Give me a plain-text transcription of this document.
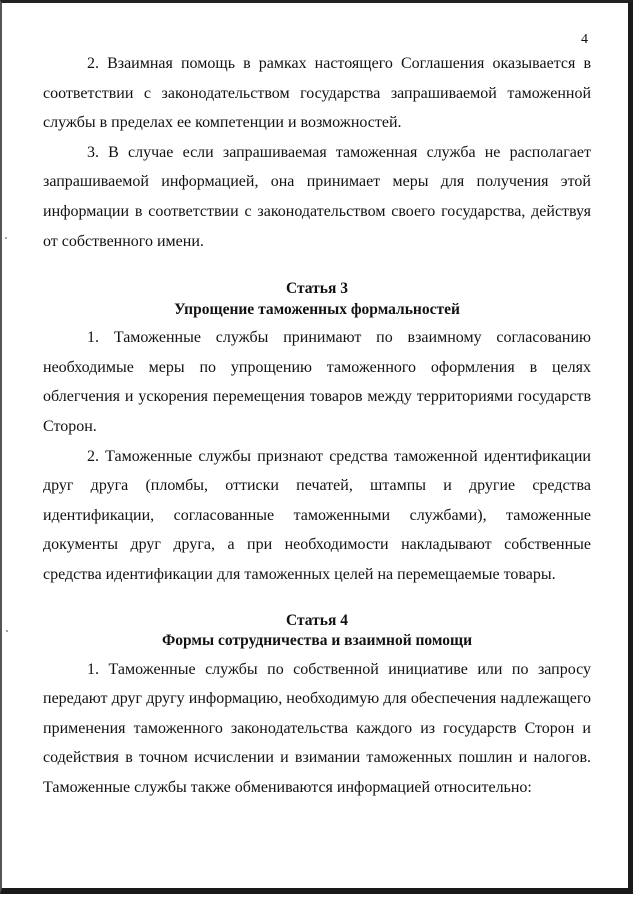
4

2. Взаимная помощь в рамках настоящего Соглашения оказывается в соответствии с законодательством государства запрашиваемой таможенной службы в пределах ее компетенции и возможностей.

3. В случае если запрашиваемая таможенная служба не располагает запрашиваемой информацией, она принимает меры для получения этой информации в соответствии с законодательством своего государства, действуя от собственного имени.

Статья 3

Упрощение таможенных формальностей

1. Таможенные службы принимают по взаимному согласованию необходимые меры по упрощению таможенного оформления в целях облегчения и ускорения перемещения товаров между территориями государств Сторон.

2. Таможенные службы признают средства таможенной идентификации друг друга (пломбы, оттиски печатей, штампы и другие средства идентификации, согласованные таможенными службами), таможенные документы друг друга, а при необходимости накладывают собственные средства идентификации для таможенных целей на перемещаемые товары.

Статья 4

Формы сотрудничества и взаимной помощи

1. Таможенные службы по собственной инициативе или по запросу передают друг другу информацию, необходимую для обеспечения надлежащего применения таможенного законодательства каждого из государств Сторон и содействия в точном исчислении и взимании таможенных пошлин и налогов. Таможенные службы также обмениваются информацией относительно:
